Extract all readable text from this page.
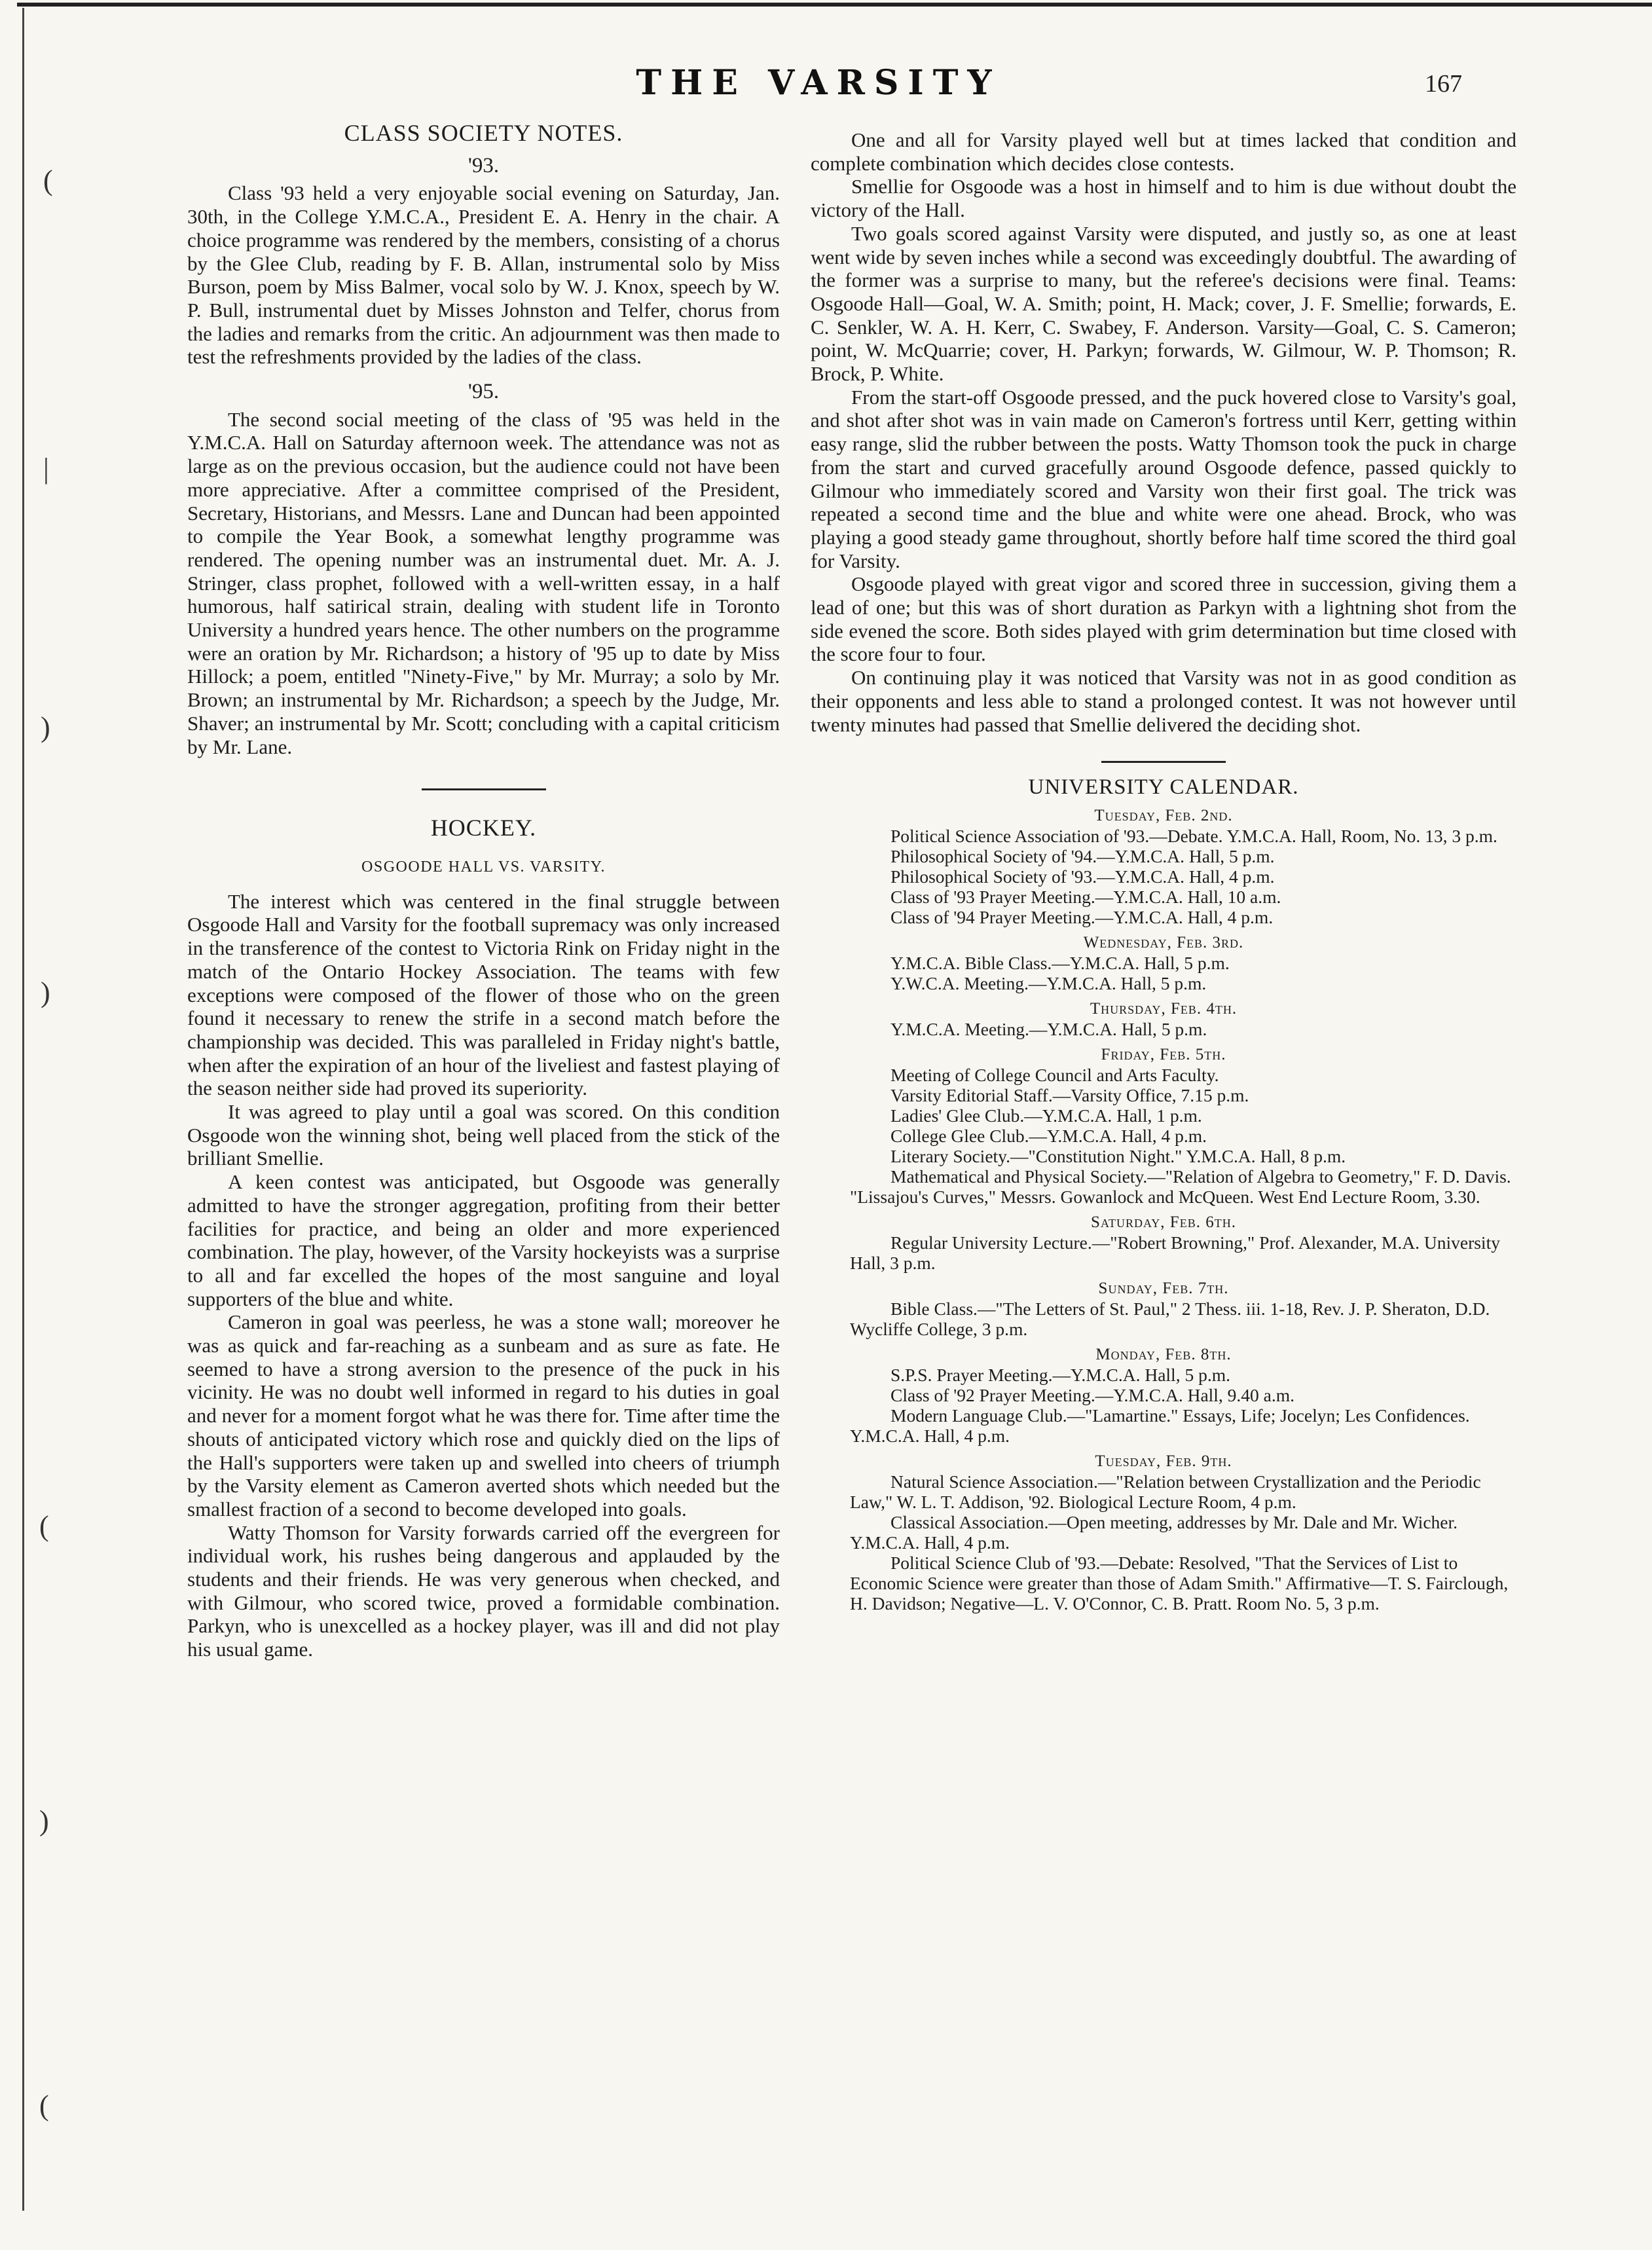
(
|
)
)
(
)
(
THE VARSITY	167
CLASS SOCIETY NOTES.
'93.

Class '93 held a very enjoyable social evening on Saturday, Jan. 30th, in the College Y.M.C.A., President E. A. Henry in the chair. A choice programme was rendered by the members, consisting of a chorus by the Glee Club, reading by F. B. Allan, instrumental solo by Miss Burson, poem by Miss Balmer, vocal solo by W. J. Knox, speech by W. P. Bull, instrumental duet by Misses Johnston and Telfer, chorus from the ladies and remarks from the critic. An adjournment was then made to test the refreshments provided by the ladies of the class.

'95.

The second social meeting of the class of '95 was held in the Y.M.C.A. Hall on Saturday afternoon week. The attendance was not as large as on the previous occasion, but the audience could not have been more appreciative. After a committee comprised of the President, Secretary, Historians, and Messrs. Lane and Duncan had been appointed to compile the Year Book, a somewhat lengthy programme was rendered. The opening number was an instrumental duet. Mr. A. J. Stringer, class prophet, followed with a well-written essay, in a half humorous, half satirical strain, dealing with student life in Toronto University a hundred years hence. The other numbers on the programme were an oration by Mr. Richardson; a history of '95 up to date by Miss Hillock; a poem, entitled "Ninety-Five," by Mr. Murray; a solo by Mr. Brown; an instrumental by Mr. Richardson; a speech by the Judge, Mr. Shaver; an instrumental by Mr. Scott; concluding with a capital criticism by Mr. Lane.

HOCKEY.
OSGOODE HALL VS. VARSITY.

The interest which was centered in the final struggle between Osgoode Hall and Varsity for the football supremacy was only increased in the transference of the contest to Victoria Rink on Friday night in the match of the Ontario Hockey Association. The teams with few exceptions were composed of the flower of those who on the green found it necessary to renew the strife in a second match before the championship was decided. This was paralleled in Friday night's battle, when after the expiration of an hour of the liveliest and fastest playing of the season neither side had proved its superiority.

It was agreed to play until a goal was scored. On this condition Osgoode won the winning shot, being well placed from the stick of the brilliant Smellie.

A keen contest was anticipated, but Osgoode was generally admitted to have the stronger aggregation, profiting from their better facilities for practice, and being an older and more experienced combination. The play, however, of the Varsity hockeyists was a surprise to all and far excelled the hopes of the most sanguine and loyal supporters of the blue and white.

Cameron in goal was peerless, he was a stone wall; moreover he was as quick and far-reaching as a sunbeam and as sure as fate. He seemed to have a strong aversion to the presence of the puck in his vicinity. He was no doubt well informed in regard to his duties in goal and never for a moment forgot what he was there for. Time after time the shouts of anticipated victory which rose and quickly died on the lips of the Hall's supporters were taken up and swelled into cheers of triumph by the Varsity element as Cameron averted shots which needed but the smallest fraction of a second to become developed into goals.

Watty Thomson for Varsity forwards carried off the evergreen for individual work, his rushes being dangerous and applauded by the students and their friends. He was very generous when checked, and with Gilmour, who scored twice, proved a formidable combination. Parkyn, who is unexcelled as a hockey player, was ill and did not play his usual game.

One and all for Varsity played well but at times lacked that condition and complete combination which decides close contests.

Smellie for Osgoode was a host in himself and to him is due without doubt the victory of the Hall.

Two goals scored against Varsity were disputed, and justly so, as one at least went wide by seven inches while a second was exceedingly doubtful. The awarding of the former was a surprise to many, but the referee's decisions were final. Teams: Osgoode Hall—Goal, W. A. Smith; point, H. Mack; cover, J. F. Smellie; forwards, E. C. Senkler, W. A. H. Kerr, C. Swabey, F. Anderson. Varsity—Goal, C. S. Cameron; point, W. McQuarrie; cover, H. Parkyn; forwards, W. Gilmour, W. P. Thomson; R. Brock, P. White.

From the start-off Osgoode pressed, and the puck hovered close to Varsity's goal, and shot after shot was in vain made on Cameron's fortress until Kerr, getting within easy range, slid the rubber between the posts. Watty Thomson took the puck in charge from the start and curved gracefully around Osgoode defence, passed quickly to Gilmour who immediately scored and Varsity won their first goal. The trick was repeated a second time and the blue and white were one ahead. Brock, who was playing a good steady game throughout, shortly before half time scored the third goal for Varsity.

Osgoode played with great vigor and scored three in succession, giving them a lead of one; but this was of short duration as Parkyn with a lightning shot from the side evened the score. Both sides played with grim determination but time closed with the score four to four.

On continuing play it was noticed that Varsity was not in as good condition as their opponents and less able to stand a prolonged contest. It was not however until twenty minutes had passed that Smellie delivered the deciding shot.

UNIVERSITY CALENDAR.
Tuesday, Feb. 2nd.

Political Science Association of '93.—Debate. Y.M.C.A. Hall, Room, No. 13, 3 p.m.

Philosophical Society of '94.—Y.M.C.A. Hall, 5 p.m.

Philosophical Society of '93.—Y.M.C.A. Hall, 4 p.m.

Class of '93 Prayer Meeting.—Y.M.C.A. Hall, 10 a.m.

Class of '94 Prayer Meeting.—Y.M.C.A. Hall, 4 p.m.

Wednesday, Feb. 3rd.

Y.M.C.A. Bible Class.—Y.M.C.A. Hall, 5 p.m.

Y.W.C.A. Meeting.—Y.M.C.A. Hall, 5 p.m.

Thursday, Feb. 4th.

Y.M.C.A. Meeting.—Y.M.C.A. Hall, 5 p.m.

Friday, Feb. 5th.

Meeting of College Council and Arts Faculty.

Varsity Editorial Staff.—Varsity Office, 7.15 p.m.

Ladies' Glee Club.—Y.M.C.A. Hall, 1 p.m.

College Glee Club.—Y.M.C.A. Hall, 4 p.m.

Literary Society.—"Constitution Night." Y.M.C.A. Hall, 8 p.m.

Mathematical and Physical Society.—"Relation of Algebra to Geometry," F. D. Davis. "Lissajou's Curves," Messrs. Gowanlock and McQueen. West End Lecture Room, 3.30.

Saturday, Feb. 6th.

Regular University Lecture.—"Robert Browning," Prof. Alexander, M.A. University Hall, 3 p.m.

Sunday, Feb. 7th.

Bible Class.—"The Letters of St. Paul," 2 Thess. iii. 1-18, Rev. J. P. Sheraton, D.D. Wycliffe College, 3 p.m.

Monday, Feb. 8th.

S.P.S. Prayer Meeting.—Y.M.C.A. Hall, 5 p.m.

Class of '92 Prayer Meeting.—Y.M.C.A. Hall, 9.40 a.m.

Modern Language Club.—"Lamartine." Essays, Life; Jocelyn; Les Confidences. Y.M.C.A. Hall, 4 p.m.

Tuesday, Feb. 9th.

Natural Science Association.—"Relation between Crystallization and the Periodic Law," W. L. T. Addison, '92. Biological Lecture Room, 4 p.m.

Classical Association.—Open meeting, addresses by Mr. Dale and Mr. Wicher. Y.M.C.A. Hall, 4 p.m.

Political Science Club of '93.—Debate: Resolved, "That the Services of List to Economic Science were greater than those of Adam Smith." Affirmative—T. S. Fairclough, H. Davidson; Negative—L. V. O'Connor, C. B. Pratt. Room No. 5, 3 p.m.
